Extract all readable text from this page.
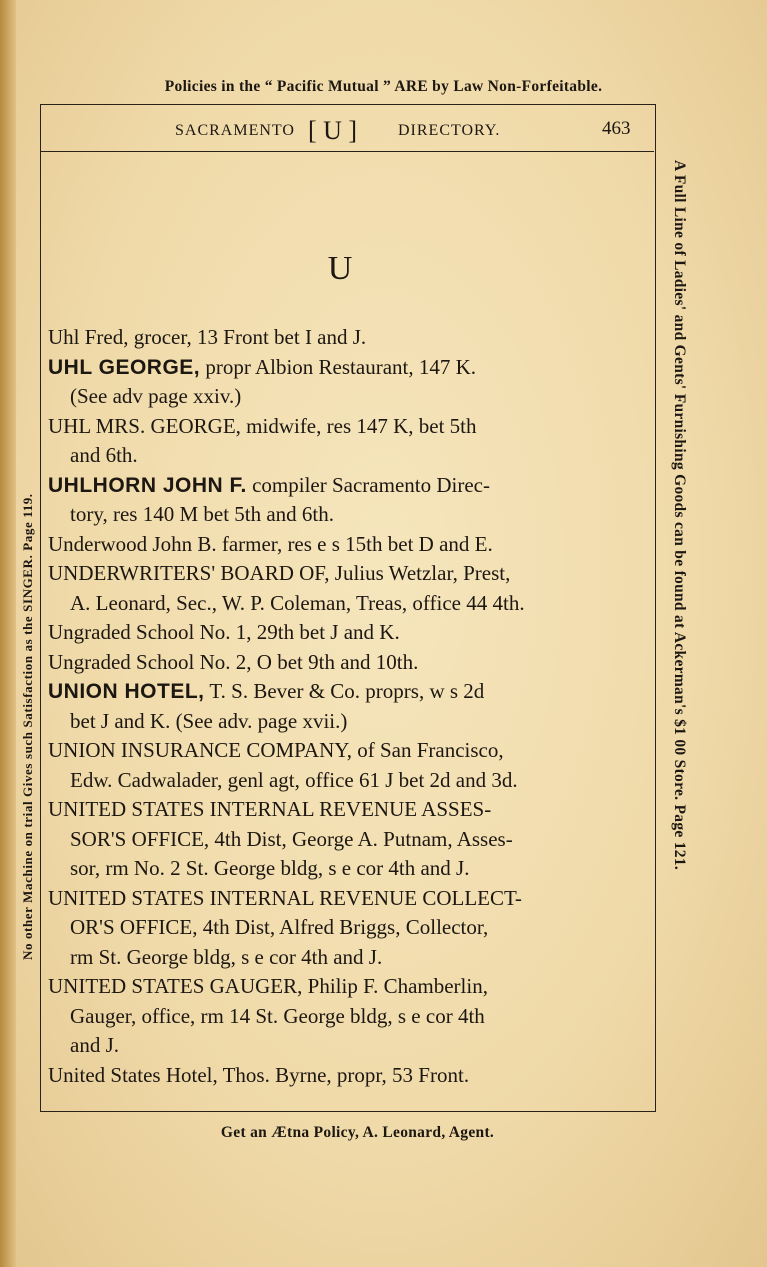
Policies in the “ Pacific Mutual ” ARE by Law Non-Forfeitable.
SACRAMENTO [ U ]	DIRECTORY.	463
U
Uhl Fred, grocer, 13 Front bet I and J.
UHL GEORGE, propr Albion Restaurant, 147 K.
(See adv page xxiv.)
UHL MRS. GEORGE, midwife, res 147 K, bet 5th
and 6th.
UHLHORN JOHN F. compiler Sacramento Direc-
tory, res 140 M bet 5th and 6th.
Underwood John B. farmer, res e s 15th bet D and E.
UNDERWRITERS' BOARD OF, Julius Wetzlar, Prest,
A. Leonard, Sec., W. P. Coleman, Treas, office 44 4th.
Ungraded School No. 1, 29th bet J and K.
Ungraded School No. 2, O bet 9th and 10th.
UNION HOTEL, T. S. Bever & Co. proprs, w s 2d
bet J and K. (See adv. page xvii.)
UNION INSURANCE COMPANY, of San Francisco,
Edw. Cadwalader, genl agt, office 61 J bet 2d and 3d.
UNITED STATES INTERNAL REVENUE ASSES-
SOR'S OFFICE, 4th Dist, George A. Putnam, Asses-
sor, rm No. 2 St. George bldg, s e cor 4th and J.
UNITED STATES INTERNAL REVENUE COLLECT-
OR'S OFFICE, 4th Dist, Alfred Briggs, Collector,
rm St. George bldg, s e cor 4th and J.
UNITED STATES GAUGER, Philip F. Chamberlin,
Gauger, office, rm 14 St. George bldg, s e cor 4th
and J.
United States Hotel, Thos. Byrne, propr, 53 Front.
Get an Ætna Policy, A. Leonard, Agent.
No other Machine on trial Gives such Satisfaction as the SINGER. Page 119.	A Full Line of Ladies' and Gents' Furnishing Goods can be found at Ackerman's $1 00 Store. Page 121.
